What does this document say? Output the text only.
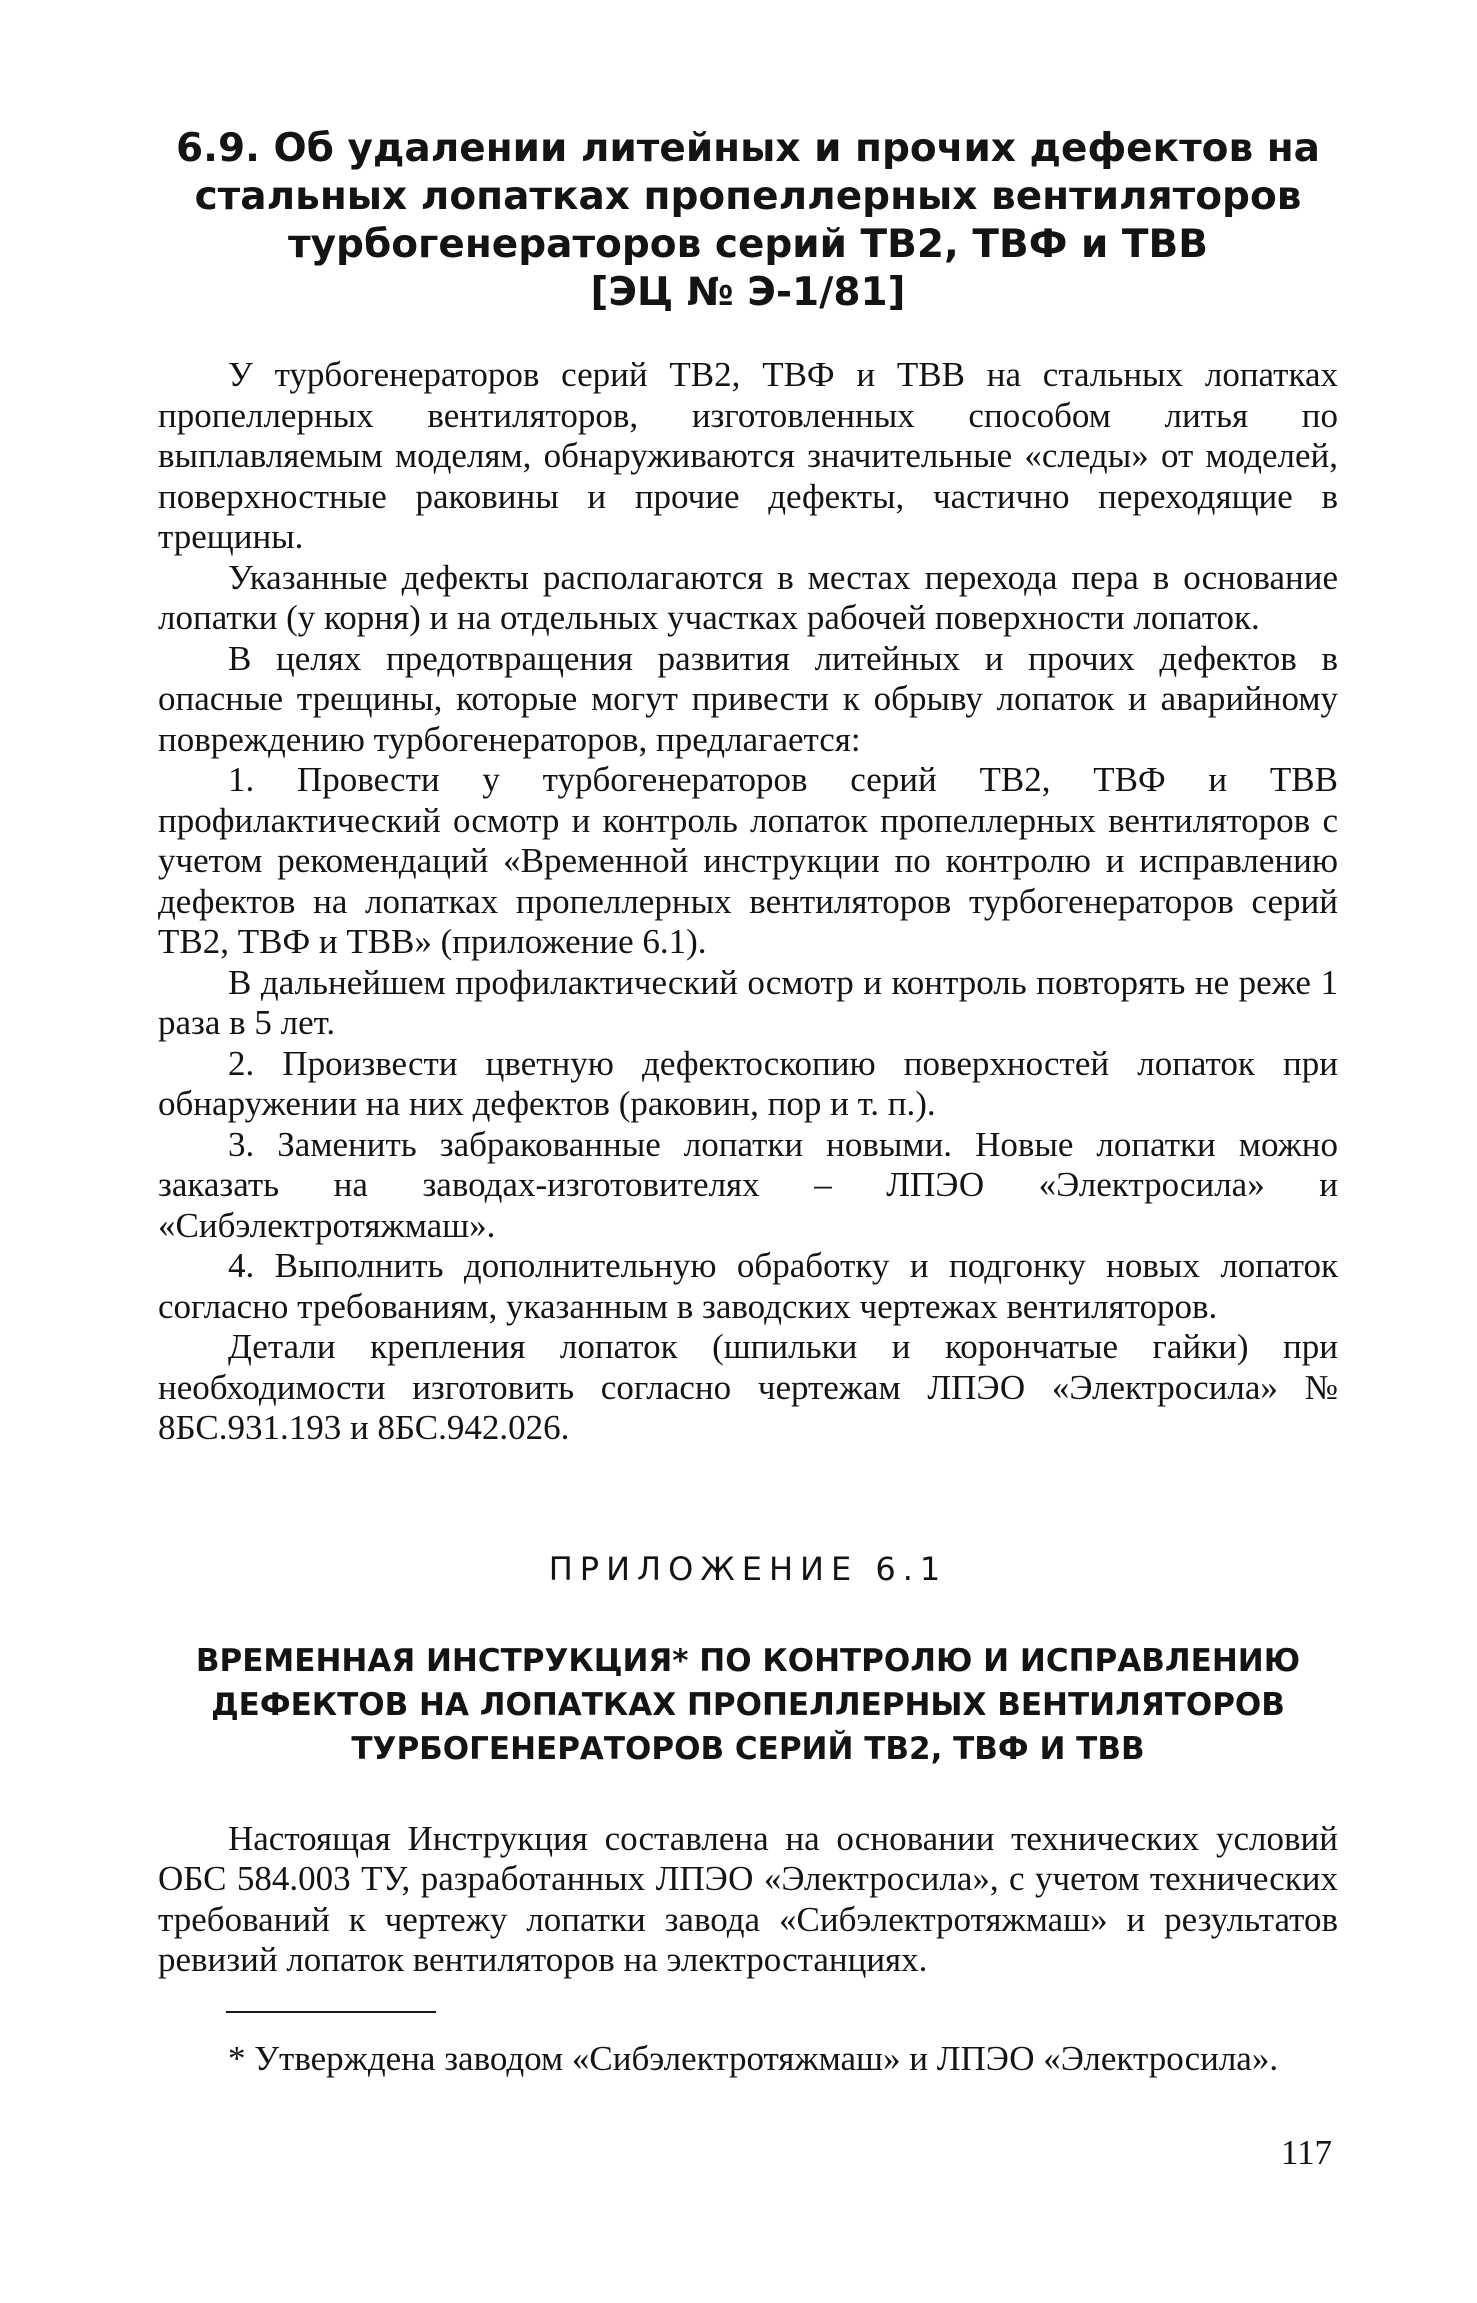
6.9. Об удалении литейных и прочих дефектов на
стальных лопатках пропеллерных вентиляторов
турбогенераторов серий ТВ2, ТВФ и ТВВ
[ЭЦ № Э-1/81]

У турбогенераторов серий ТВ2, ТВФ и ТВВ на стальных лопатках пропеллерных вентиляторов, изготовленных способом литья по выплавляемым моделям, обнаруживаются значительные «следы» от моделей, поверхностные раковины и прочие дефекты, частично переходящие в трещины.

Указанные дефекты располагаются в местах перехода пера в основание лопатки (у корня) и на отдельных участках рабочей поверхности лопаток.

В целях предотвращения развития литейных и прочих дефектов в опасные трещины, которые могут привести к обрыву лопаток и аварийному повреждению турбогенераторов, предлагается:

1. Провести у турбогенераторов серий ТВ2, ТВФ и ТВВ профилактический осмотр и контроль лопаток пропеллерных вентиляторов с учетом рекомендаций «Временной инструкции по контролю и исправлению дефектов на лопатках пропеллерных вентиляторов турбогенераторов серий ТВ2, ТВФ и ТВВ» (приложение 6.1).

В дальнейшем профилактический осмотр и контроль повторять не реже 1 раза в 5 лет.

2. Произвести цветную дефектоскопию поверхностей лопаток при обнаружении на них дефектов (раковин, пор и т. п.).

3. Заменить забракованные лопатки новыми. Новые лопатки можно заказать на заводах-изготовителях – ЛПЭО «Электросила» и «Сибэлектротяжмаш».

4. Выполнить дополнительную обработку и подгонку новых лопаток согласно требованиям, указанным в заводских чертежах вентиляторов.

Детали крепления лопаток (шпильки и корончатые гайки) при необходимости изготовить согласно чертежам ЛПЭО «Электросила» № 8БС.931.193 и 8БС.942.026.

ПРИЛОЖЕНИЕ 6.1
ВРЕМЕННАЯ ИНСТРУКЦИЯ* ПО КОНТРОЛЮ И ИСПРАВЛЕНИЮ
ДЕФЕКТОВ НА ЛОПАТКАХ ПРОПЕЛЛЕРНЫХ ВЕНТИЛЯТОРОВ
ТУРБОГЕНЕРАТОРОВ СЕРИЙ ТВ2, ТВФ И ТВВ

Настоящая Инструкция составлена на основании технических условий ОБС 584.003 ТУ, разработанных ЛПЭО «Электросила», с учетом технических требований к чертежу лопатки завода «Сибэлектротяжмаш» и результатов ревизий лопаток вентиляторов на электростанциях.

* Утверждена заводом «Сибэлектротяжмаш» и ЛПЭО «Электросила».

117
